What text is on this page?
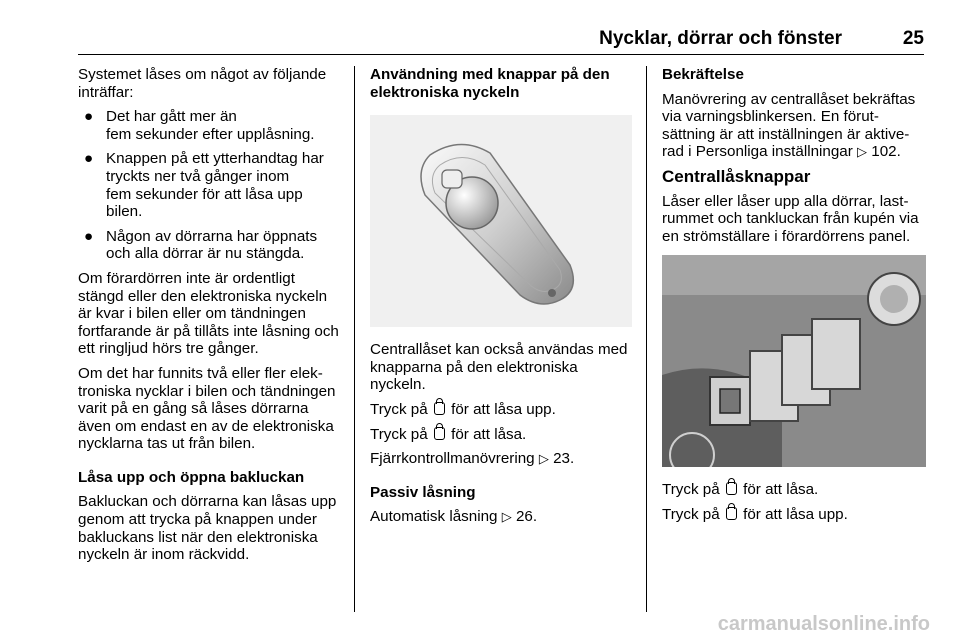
Nycklar, dörrar och fönster	25

Systemet låses om något av följande inträffar:

● Det har gått mer än
fem sekunder efter upplåsning.
● Knappen på ett ytterhandtag har tryckts ner två gånger inom
fem sekunder för att låsa upp bilen.
● Någon av dörrarna har öppnats och alla dörrar är nu stängda.

Om förardörren inte är ordentligt stängd eller den elektroniska nyckeln är kvar i bilen eller om tändningen fortfarande är på tillåts inte låsning och ett ringljud hörs tre gånger.

Om det har funnits två eller fler elektroniska nycklar i bilen och tändningen varit på en gång så låses dörrarna även om endast en av de elektroniska nycklarna tas ut från bilen.

Låsa upp och öppna bakluckan

Bakluckan och dörrarna kan låsas upp genom att trycka på knappen under bakluckans list när den elektroniska nyckeln är inom räckvidd.

Användning med knappar på den elektroniska nyckeln

Centrallåset kan också användas med knapparna på den elektroniska nyckeln.

Tryck på för att låsa upp.

Tryck på för att låsa.

Fjärrkontrollmanövrering ▷ 23.

Passiv låsning

Automatisk låsning ▷ 26.

Bekräftelse

Manövrering av centrallåset bekräftas via varningsblinkersen. En förutsättning är att inställningen är aktiverad i Personliga inställningar ▷ 102.

Centrallåsknappar

Låser eller låser upp alla dörrar, lastrummet och tankluckan från kupén via en strömställare i förardörrens panel.

Tryck på för att låsa.

Tryck på för att låsa upp.

carmanualsonline.info
